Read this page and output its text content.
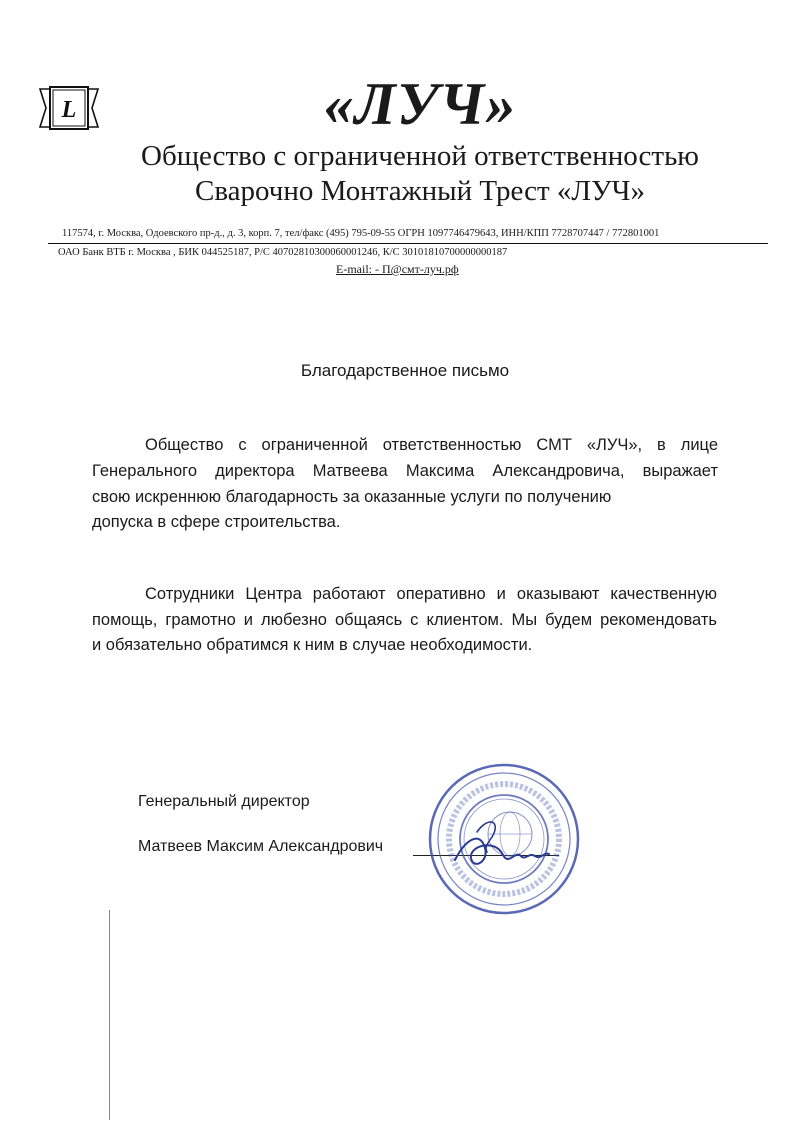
L	«ЛУЧ»
Общество с ограниченной ответственностью
Сварочно Монтажный Трест «ЛУЧ»
117574, г. Москва, Одоевского пр-д., д. 3, корп. 7, тел/факс (495) 795-09-55 ОГРН 1097746479643, ИНН/КПП 7728707447 / 772801001
ОАО Банк ВТБ г. Москва , БИК 044525187, Р/С 40702810300060001246, К/С 30101810700000000187
E-mail: - П@смт-луч.рф
Благодарственное письмо
Общество с ограниченной ответственностью СМТ «ЛУЧ», в лице
Генерального директора Матвеева Максима Александровича, выражает
свою искреннюю благодарность за оказанные услуги по получению
допуска в сфере строительства.
Сотрудники Центра работают оперативно и оказывают качественную
помощь, грамотно и любезно общаясь с клиентом. Мы будем рекомендовать
и обязательно обратимся к ним в случае необходимости.
Генеральный директор
Матвеев Максим Александрович
